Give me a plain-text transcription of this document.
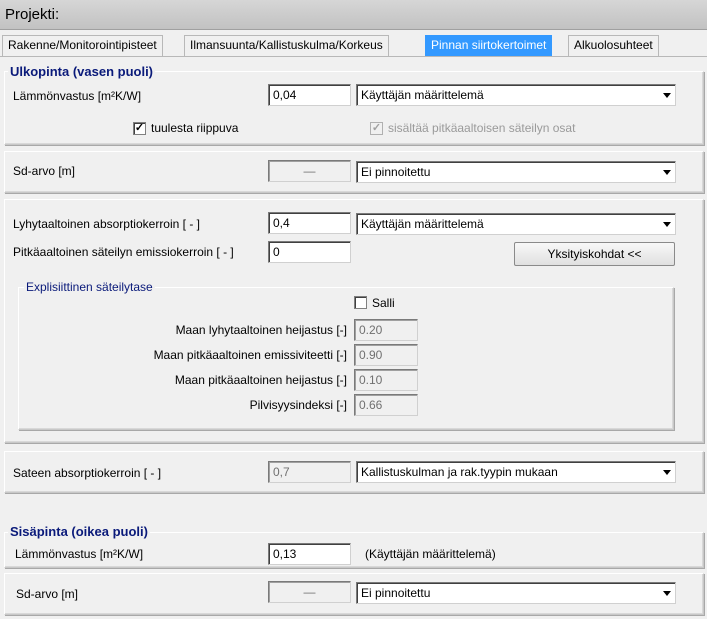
Projekti:
Rakenne/Monitorointipisteet	Ilmansuunta/Kallistuskulma/Korkeus	Pinnan siirtokertoimet	Alkuolosuhteet
Ulkopinta (vasen puoli)
Lämmönvastus [m²K/W]	0,04	Käyttäjän määrittelemä
✓ tuulesta riippuva	✓ sisältää pitkäaaltoisen säteilyn osat
Sd-arvo [m]	—	Ei pinnoitettu
Lyhytaaltoinen absorptiokerroin [ - ]	0,4	Käyttäjän määrittelemä
Pitkäaaltoinen säteilyn emissiokerroin [ - ]	0	Yksityiskohdat <<
Explisiittinen säteilytase
Salli
Maan lyhytaaltoinen heijastus [-]	0.20
Maan pitkäaaltoinen emissiviteetti [-]	0.90
Maan pitkäaaltoinen heijastus [-]	0.10
Pilvisyysindeksi [-]	0.66
Sateen absorptiokerroin [ - ]	0,7	Kallistuskulman ja rak.tyypin mukaan
Sisäpinta (oikea puoli)
Lämmönvastus [m²K/W]	0,13	(Käyttäjän määrittelemä)
Sd-arvo [m]	—	Ei pinnoitettu
